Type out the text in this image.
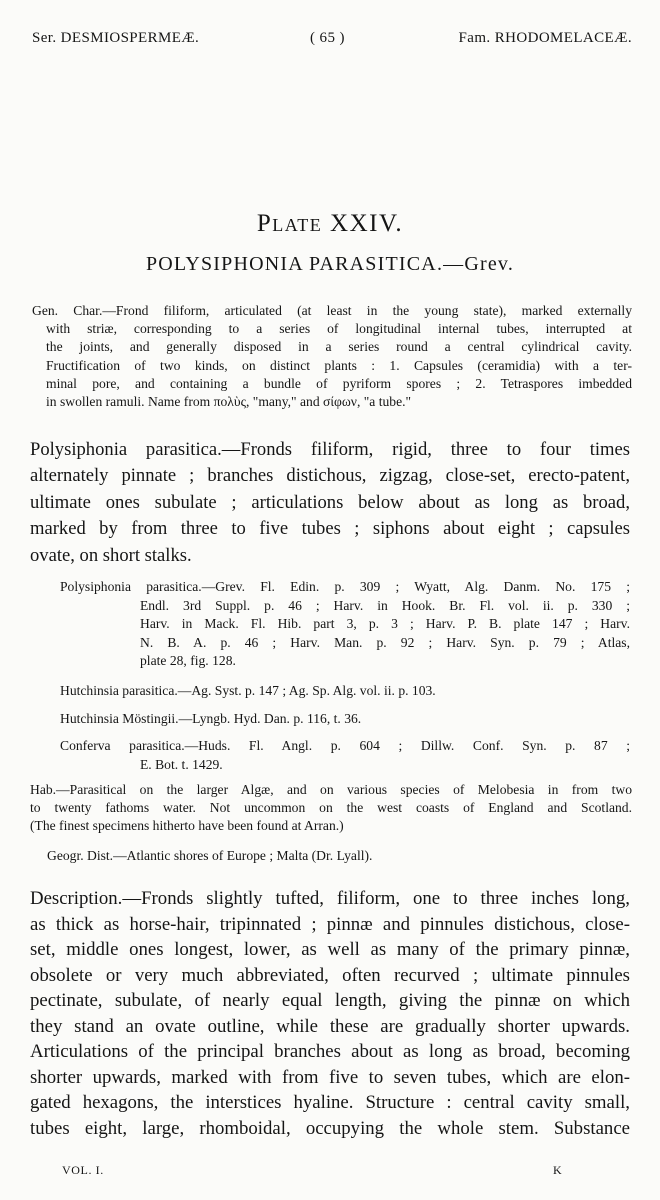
Ser. DESMIOSPERMEÆ.	( 65 )	Fam. RHODOMELACEÆ.
Plate XXIV.
POLYSIPHONIA PARASITICA.—Grev.
Gen. Char.—Frond filiform, articulated (at least in the young state), marked externally
with striæ, corresponding to a series of longitudinal internal tubes, interrupted at
the joints, and generally disposed in a series round a central cylindrical cavity.
Fructification of two kinds, on distinct plants : 1. Capsules (ceramidia) with a ter-
minal pore, and containing a bundle of pyriform spores ; 2. Tetraspores imbedded
in swollen ramuli. Name from πολὺς, "many," and σίφων, "a tube."
Polysiphonia parasitica.—Fronds filiform, rigid, three to four times
alternately pinnate ; branches distichous, zigzag, close-set, erecto-patent,
ultimate ones subulate ; articulations below about as long as broad,
marked by from three to five tubes ; siphons about eight ; capsules
ovate, on short stalks.
Polysiphonia parasitica.—Grev. Fl. Edin. p. 309 ; Wyatt, Alg. Danm. No. 175 ;
Endl. 3rd Suppl. p. 46 ; Harv. in Hook. Br. Fl. vol. ii. p. 330 ;
Harv. in Mack. Fl. Hib. part 3, p. 3 ; Harv. P. B. plate 147 ; Harv.
N. B. A. p. 46 ; Harv. Man. p. 92 ; Harv. Syn. p. 79 ; Atlas,
plate 28, fig. 128.
Hutchinsia parasitica.—Ag. Syst. p. 147 ; Ag. Sp. Alg. vol. ii. p. 103.
Hutchinsia Möstingii.—Lyngb. Hyd. Dan. p. 116, t. 36.
Conferva parasitica.—Huds. Fl. Angl. p. 604 ; Dillw. Conf. Syn. p. 87 ;
E. Bot. t. 1429.
Hab.—Parasitical on the larger Algæ, and on various species of Melobesia in from two
to twenty fathoms water. Not uncommon on the west coasts of England and Scotland.
(The finest specimens hitherto have been found at Arran.)
Geogr. Dist.—Atlantic shores of Europe ; Malta (Dr. Lyall).
Description.—Fronds slightly tufted, filiform, one to three inches long,
as thick as horse-hair, tripinnated ; pinnæ and pinnules distichous, close-
set, middle ones longest, lower, as well as many of the primary pinnæ,
obsolete or very much abbreviated, often recurved ; ultimate pinnules
pectinate, subulate, of nearly equal length, giving the pinnæ on which
they stand an ovate outline, while these are gradually shorter upwards.
Articulations of the principal branches about as long as broad, becoming
shorter upwards, marked with from five to seven tubes, which are elon-
gated hexagons, the interstices hyaline. Structure : central cavity small,
tubes eight, large, rhomboidal, occupying the whole stem. Substance
VOL. I.	K
